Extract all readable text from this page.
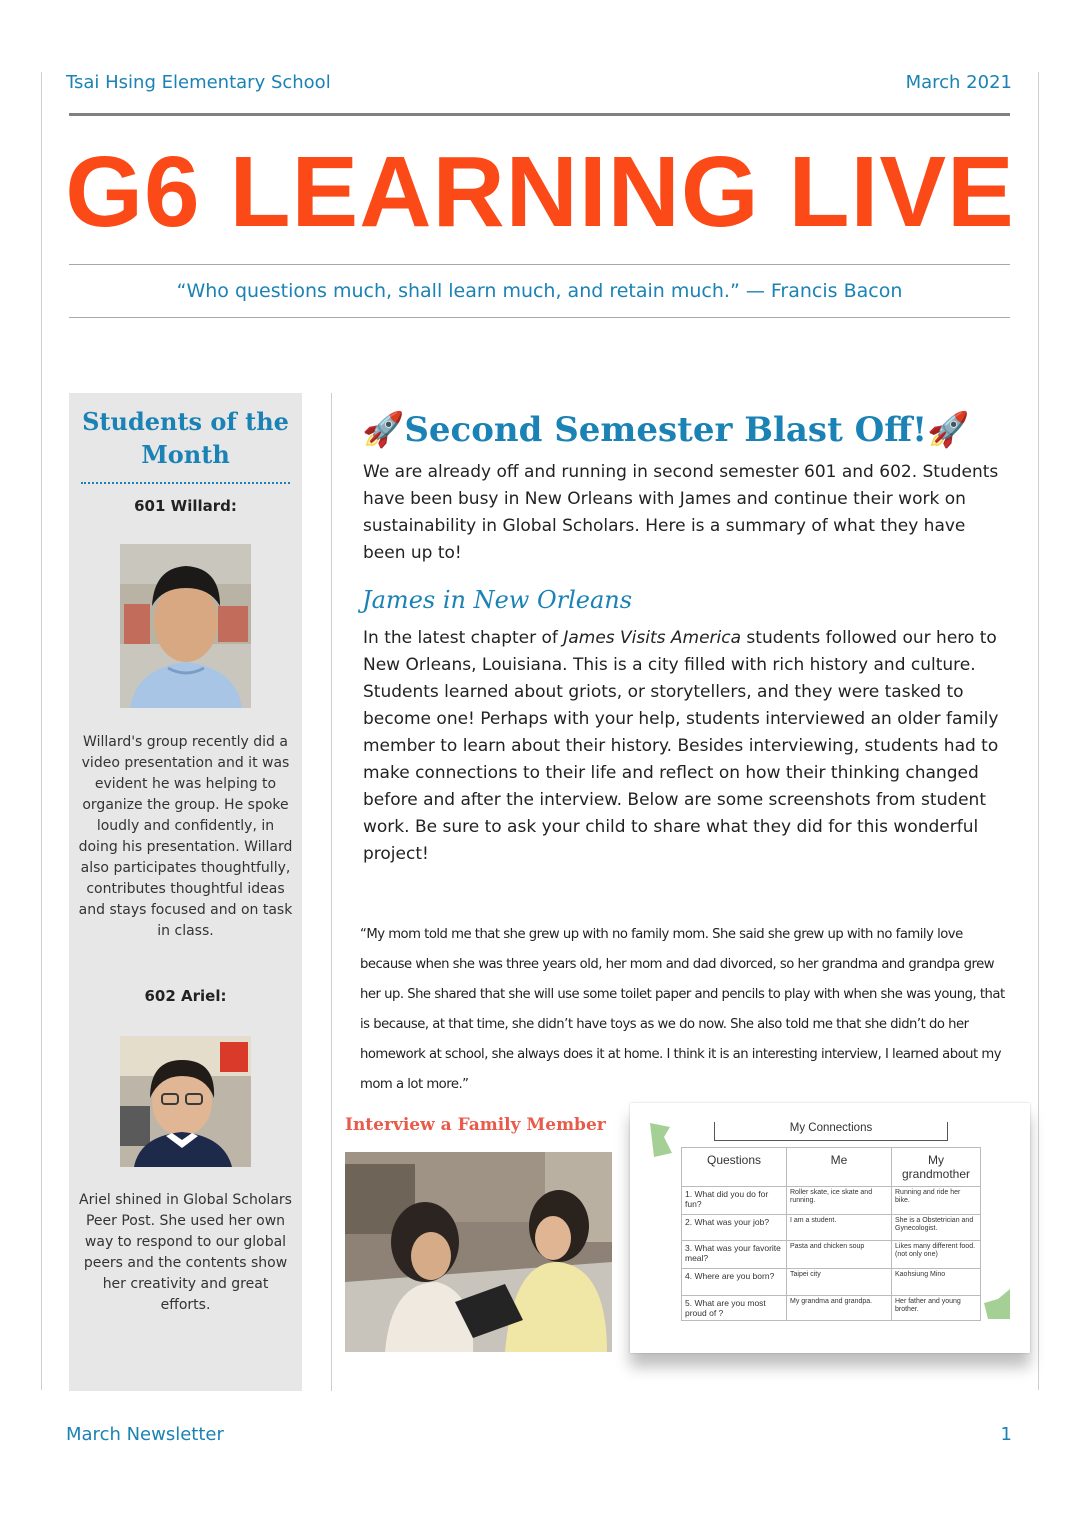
Tsai Hsing Elementary School	March 2021
G6 LEARNING LIVE
“Who questions much, shall learn much, and retain much.” — Francis Bacon
Students of the Month
601 Willard:
Willard's group recently did a video presentation and it was evident he was helping to organize the group. He spoke loudly and confidently, in doing his presentation. Willard also participates thoughtfully, contributes thoughtful ideas and stays focused and on task in class.
602 Ariel:
Ariel shined in Global Scholars Peer Post. She used her own way to respond to our global peers and the contents show her creativity and great efforts.
🚀Second Semester Blast Off!🚀
We are already off and running in second semester 601 and 602. Students have been busy in New Orleans with James and continue their work on sustainability in Global Scholars. Here is a summary of what they have been up to!
James in New Orleans
In the latest chapter of James Visits America students followed our hero to New Orleans, Louisiana. This is a city filled with rich history and culture. Students learned about griots, or storytellers, and they were tasked to become one! Perhaps with your help, students interviewed an older family member to learn about their history. Besides interviewing, students had to make connections to their life and reflect on how their thinking changed before and after the interview. Below are some screenshots from student work. Be sure to ask your child to share what they did for this wonderful project!
“My mom told me that she grew up with no family mom. She said she grew up with no family love because when she was three years old, her mom and dad divorced, so her grandma and grandpa grew her up. She shared that she will use some toilet paper and pencils to play with when she was young, that is because, at that time, she didn’t have toys as we do now. She also told me that she didn’t do her homework at school, she always does it at home. I think it is an interesting interview, I learned about my mom a lot more.”
Interview a Family Member	My Connections
Questions	Me	My grandmother
1. What did you do for fun?	Roller skate, ice skate and running.	Running and ride her bike.
2. What was your job?	I am a student.	She is a Obstetrician and Gynecologist.
3. What was your favorite meal?	Pasta and chicken soup	Likes many different food.(not only one)
4. Where are you born?	Taipei city	Kaohsiung Mino
5. What are you most proud of ?	My grandma and grandpa.	Her father and young brother.
March Newsletter	1
